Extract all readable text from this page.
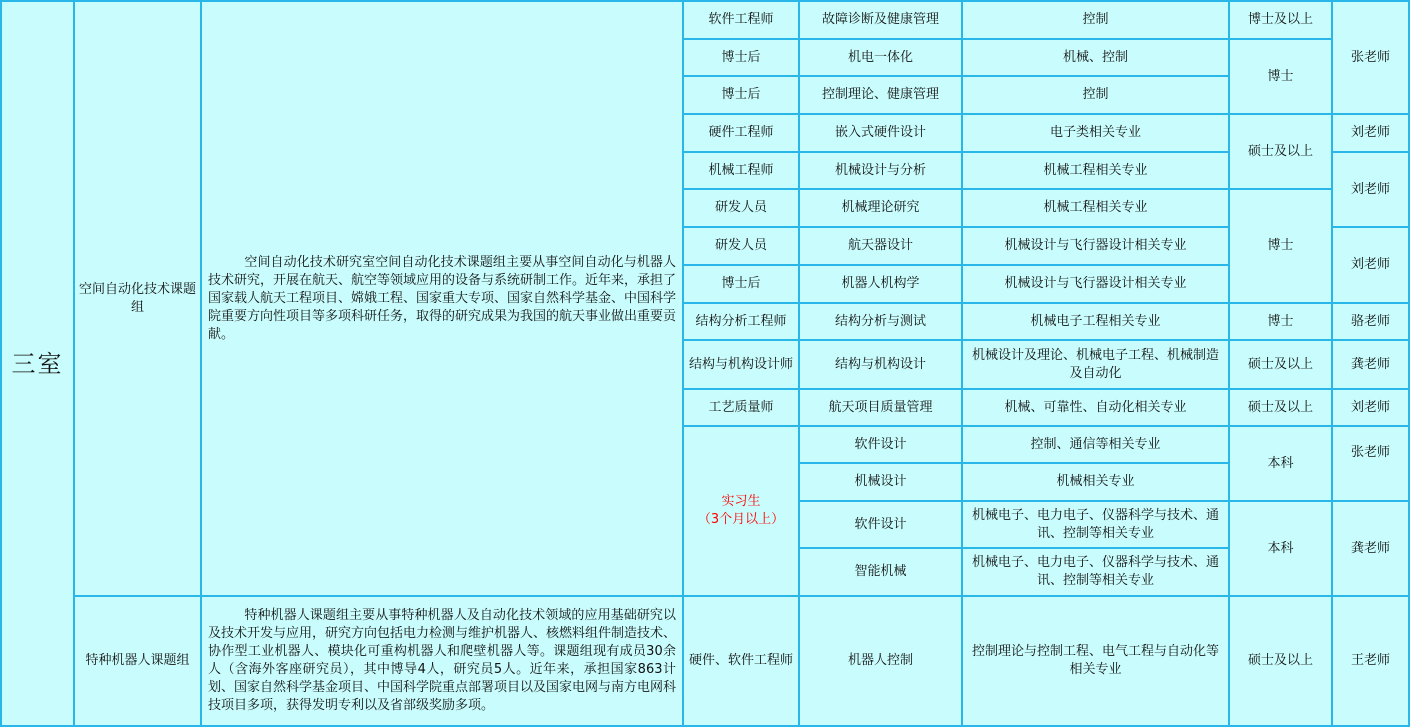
三室
空间自动化技术课题组
空间自动化技术研究室空间自动化技术课题组主要从事空间自动化与机器人技术研究，开展在航天、航空等领域应用的设备与系统研制工作。近年来，承担了国家载人航天工程项目、嫦娥工程、国家重大专项、国家自然科学基金、中国科学院重要方向性项目等多项科研任务，取得的研究成果为我国的航天事业做出重要贡献。
特种机器人课题组
特种机器人课题组主要从事特种机器人及自动化技术领域的应用基础研究以及技术开发与应用，研究方向包括电力检测与维护机器人、核燃料组件制造技术、协作型工业机器人、模块化可重构机器人和爬壁机器人等。课题组现有成员30余人（含海外客座研究员），其中博导4人，研究员5人。近年来，承担国家863计划、国家自然科学基金项目、中国科学院重点部署项目以及国家电网与南方电网科技项目多项，获得发明专利以及省部级奖励多项。
软件工程师
博士后
博士后
硬件工程师
机械工程师
研发人员
研发人员
博士后
结构分析工程师
结构与机构设计师
工艺质量师
实习生
（3个月以上）
硬件、软件工程师
故障诊断及健康管理
机电一体化
控制理论、健康管理
嵌入式硬件设计
机械设计与分析
机械理论研究
航天器设计
机器人机构学
结构分析与测试
结构与机构设计
航天项目质量管理
软件设计
机械设计
软件设计
智能机械
机器人控制
控制
机械、控制
控制
电子类相关专业
机械工程相关专业
机械工程相关专业
机械设计与飞行器设计相关专业
机械设计与飞行器设计相关专业
机械电子工程相关专业
机械设计及理论、机械电子工程、机械制造及自动化
机械、可靠性、自动化相关专业
控制、通信等相关专业
机械相关专业
机械电子、电力电子、仪器科学与技术、通讯、控制等相关专业
机械电子、电力电子、仪器科学与技术、通讯、控制等相关专业
控制理论与控制工程、电气工程与自动化等相关专业
博士及以上
博士
硕士及以上
博士
博士
硕士及以上
硕士及以上
本科
本科
硕士及以上
张老师
刘老师
刘老师
刘老师
骆老师
龚老师
刘老师
张老师
龚老师
王老师
